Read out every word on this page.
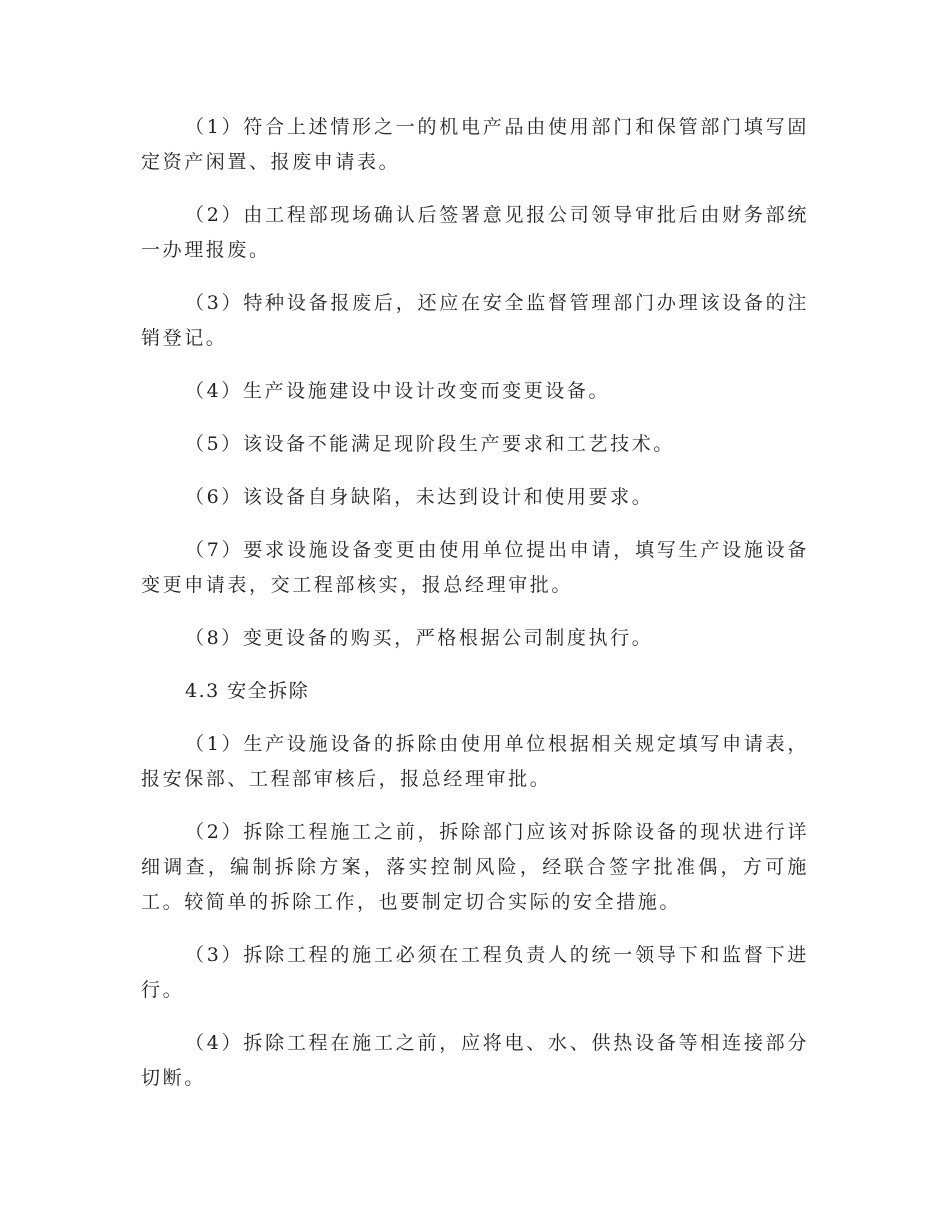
（1）符合上述情形之一的机电产品由使用部门和保管部门填写固定资产闲置、报废申请表。

（2）由工程部现场确认后签署意见报公司领导审批后由财务部统一办理报废。

（3）特种设备报废后，还应在安全监督管理部门办理该设备的注销登记。

（4）生产设施建设中设计改变而变更设备。

（5）该设备不能满足现阶段生产要求和工艺技术。

（6）该设备自身缺陷，未达到设计和使用要求。

（7）要求设施设备变更由使用单位提出申请，填写生产设施设备变更申请表，交工程部核实，报总经理审批。

（8）变更设备的购买，严格根据公司制度执行。

4.3 安全拆除

（1）生产设施设备的拆除由使用单位根据相关规定填写申请表，报安保部、工程部审核后，报总经理审批。

（2）拆除工程施工之前，拆除部门应该对拆除设备的现状进行详细调查，编制拆除方案，落实控制风险，经联合签字批准偶，方可施工。较简单的拆除工作，也要制定切合实际的安全措施。

（3）拆除工程的施工必须在工程负责人的统一领导下和监督下进行。

（4）拆除工程在施工之前，应将电、水、供热设备等相连接部分切断。
